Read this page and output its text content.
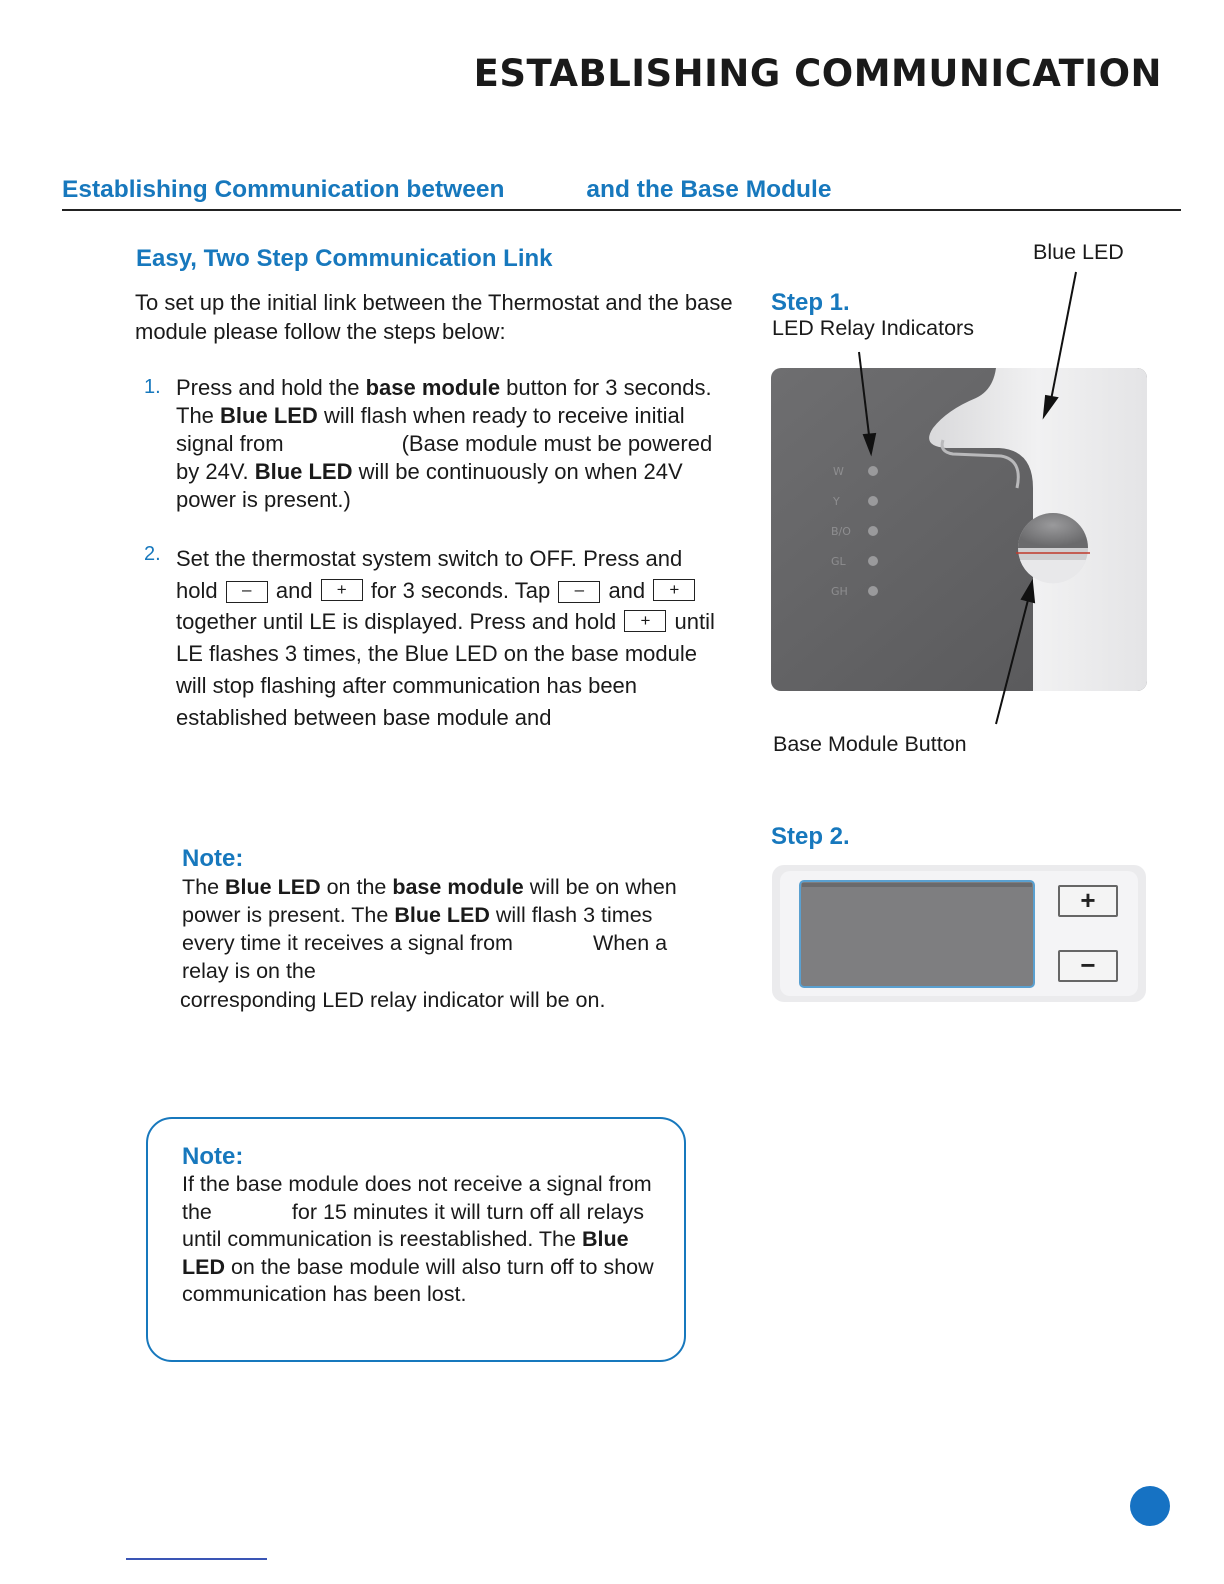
ESTABLISHING COMMUNICATION
Establishing Communication between	and the Base Module
Easy, Two Step Communication Link

To set up the initial link between the Thermostat and the base module please follow the steps below:

1. Press and hold the base module button for 3 seconds. The Blue LED will flash when ready to receive initial signal from	(Base module must be powered by 24V. Blue LED will be continuously on when 24V power is present.)

2. Set the thermostat system switch to OFF. Press and hold – and + for 3 seconds. Tap – and + together until LE is displayed. Press and hold + until LE flashes 3 times, the Blue LED on the base module will stop flashing after communication has been established between base module and

Note:

The Blue LED on the base module will be on when power is present. The Blue LED will flash 3 times every time it receives a signal from	When a relay is on the
corresponding LED relay indicator will be on.

Note:

If the base module does not receive a signal from the	for 15 minutes it will turn off all relays until communication is reestablished. The Blue LED on the base module will also turn off to show communication has been lost.

Blue LED

Step 1.

LED Relay Indicators

Base Module Button

Step 2.

W
Y
B/O
GL
GH
+
−
